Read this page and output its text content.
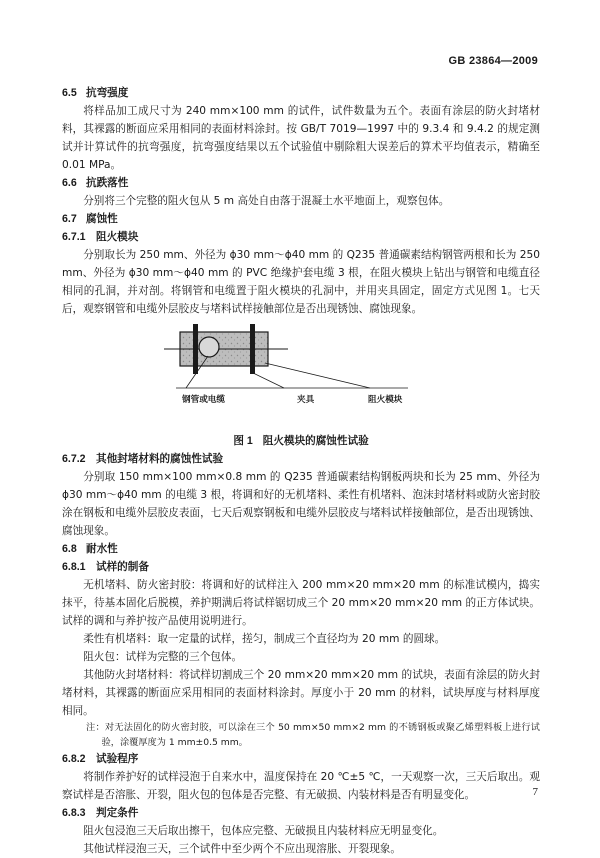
GB 23864—2009
6.5 抗弯强度

将样品加工成尺寸为 240 mm×100 mm 的试件，试件数量为五个。表面有涂层的防火封堵材料，其裸露的断面应采用相同的表面材料涂封。按 GB/T 7019—1997 中的 9.3.4 和 9.4.2 的规定测试并计算试件的抗弯强度，抗弯强度结果以五个试验值中剔除粗大误差后的算术平均值表示，精确至 0.01 MPa。

6.6 抗跌落性

分别将三个完整的阻火包从 5 m 高处自由落于混凝土水平地面上，观察包体。

6.7 腐蚀性
6.7.1 阻火模块

分别取长为 250 mm、外径为 ϕ30 mm～ϕ40 mm 的 Q235 普通碳素结构钢管两根和长为 250 mm、外径为 ϕ30 mm～ϕ40 mm 的 PVC 绝缘护套电缆 3 根，在阻火模块上钻出与钢管和电缆直径相同的孔洞，并对剖。将钢管和电缆置于阻火模块的孔洞中，并用夹具固定，固定方式见图 1。七天后，观察钢管和电缆外层胶皮与堵料试样接触部位是否出现锈蚀、腐蚀现象。

钢管或电缆	夹具	阻火模块
图 1 阻火模块的腐蚀性试验
6.7.2 其他封堵材料的腐蚀性试验

分别取 150 mm×100 mm×0.8 mm 的 Q235 普通碳素结构钢板两块和长为 25 mm、外径为 ϕ30 mm～ϕ40 mm 的电缆 3 根，将调和好的无机堵料、柔性有机堵料、泡沫封堵材料或防火密封胶涂在钢板和电缆外层胶皮表面，七天后观察钢板和电缆外层胶皮与堵料试样接触部位，是否出现锈蚀、腐蚀现象。

6.8 耐水性
6.8.1 试样的制备

无机堵料、防火密封胶：将调和好的试样注入 200 mm×20 mm×20 mm 的标准试模内，捣实抹平，待基本固化后脱模，养护期满后将试样锯切成三个 20 mm×20 mm×20 mm 的正方体试块。试样的调和与养护按产品使用说明进行。

柔性有机堵料：取一定量的试样，搓匀，制成三个直径均为 20 mm 的圆球。

阻火包：试样为完整的三个包体。

其他防火封堵材料：将试样切割成三个 20 mm×20 mm×20 mm 的试块，表面有涂层的防火封堵材料，其裸露的断面应采用相同的表面材料涂封。厚度小于 20 mm 的材料，试块厚度与材料厚度相同。

注：对无法固化的防火密封胶，可以涂在三个 50 mm×50 mm×2 mm 的不锈钢板或聚乙烯塑料板上进行试验，涂覆厚度为 1 mm±0.5 mm。

6.8.2 试验程序

将制作养护好的试样浸泡于自来水中，温度保持在 20 ℃±5 ℃，一天观察一次，三天后取出。观察试样是否溶胀、开裂，阻火包的包体是否完整、有无破损、内装材料是否有明显变化。

6.8.3 判定条件

阻火包浸泡三天后取出擦干，包体应完整、无破损且内装材料应无明显变化。

其他试样浸泡三天，三个试件中至少两个不应出现溶胀、开裂现象。

7
